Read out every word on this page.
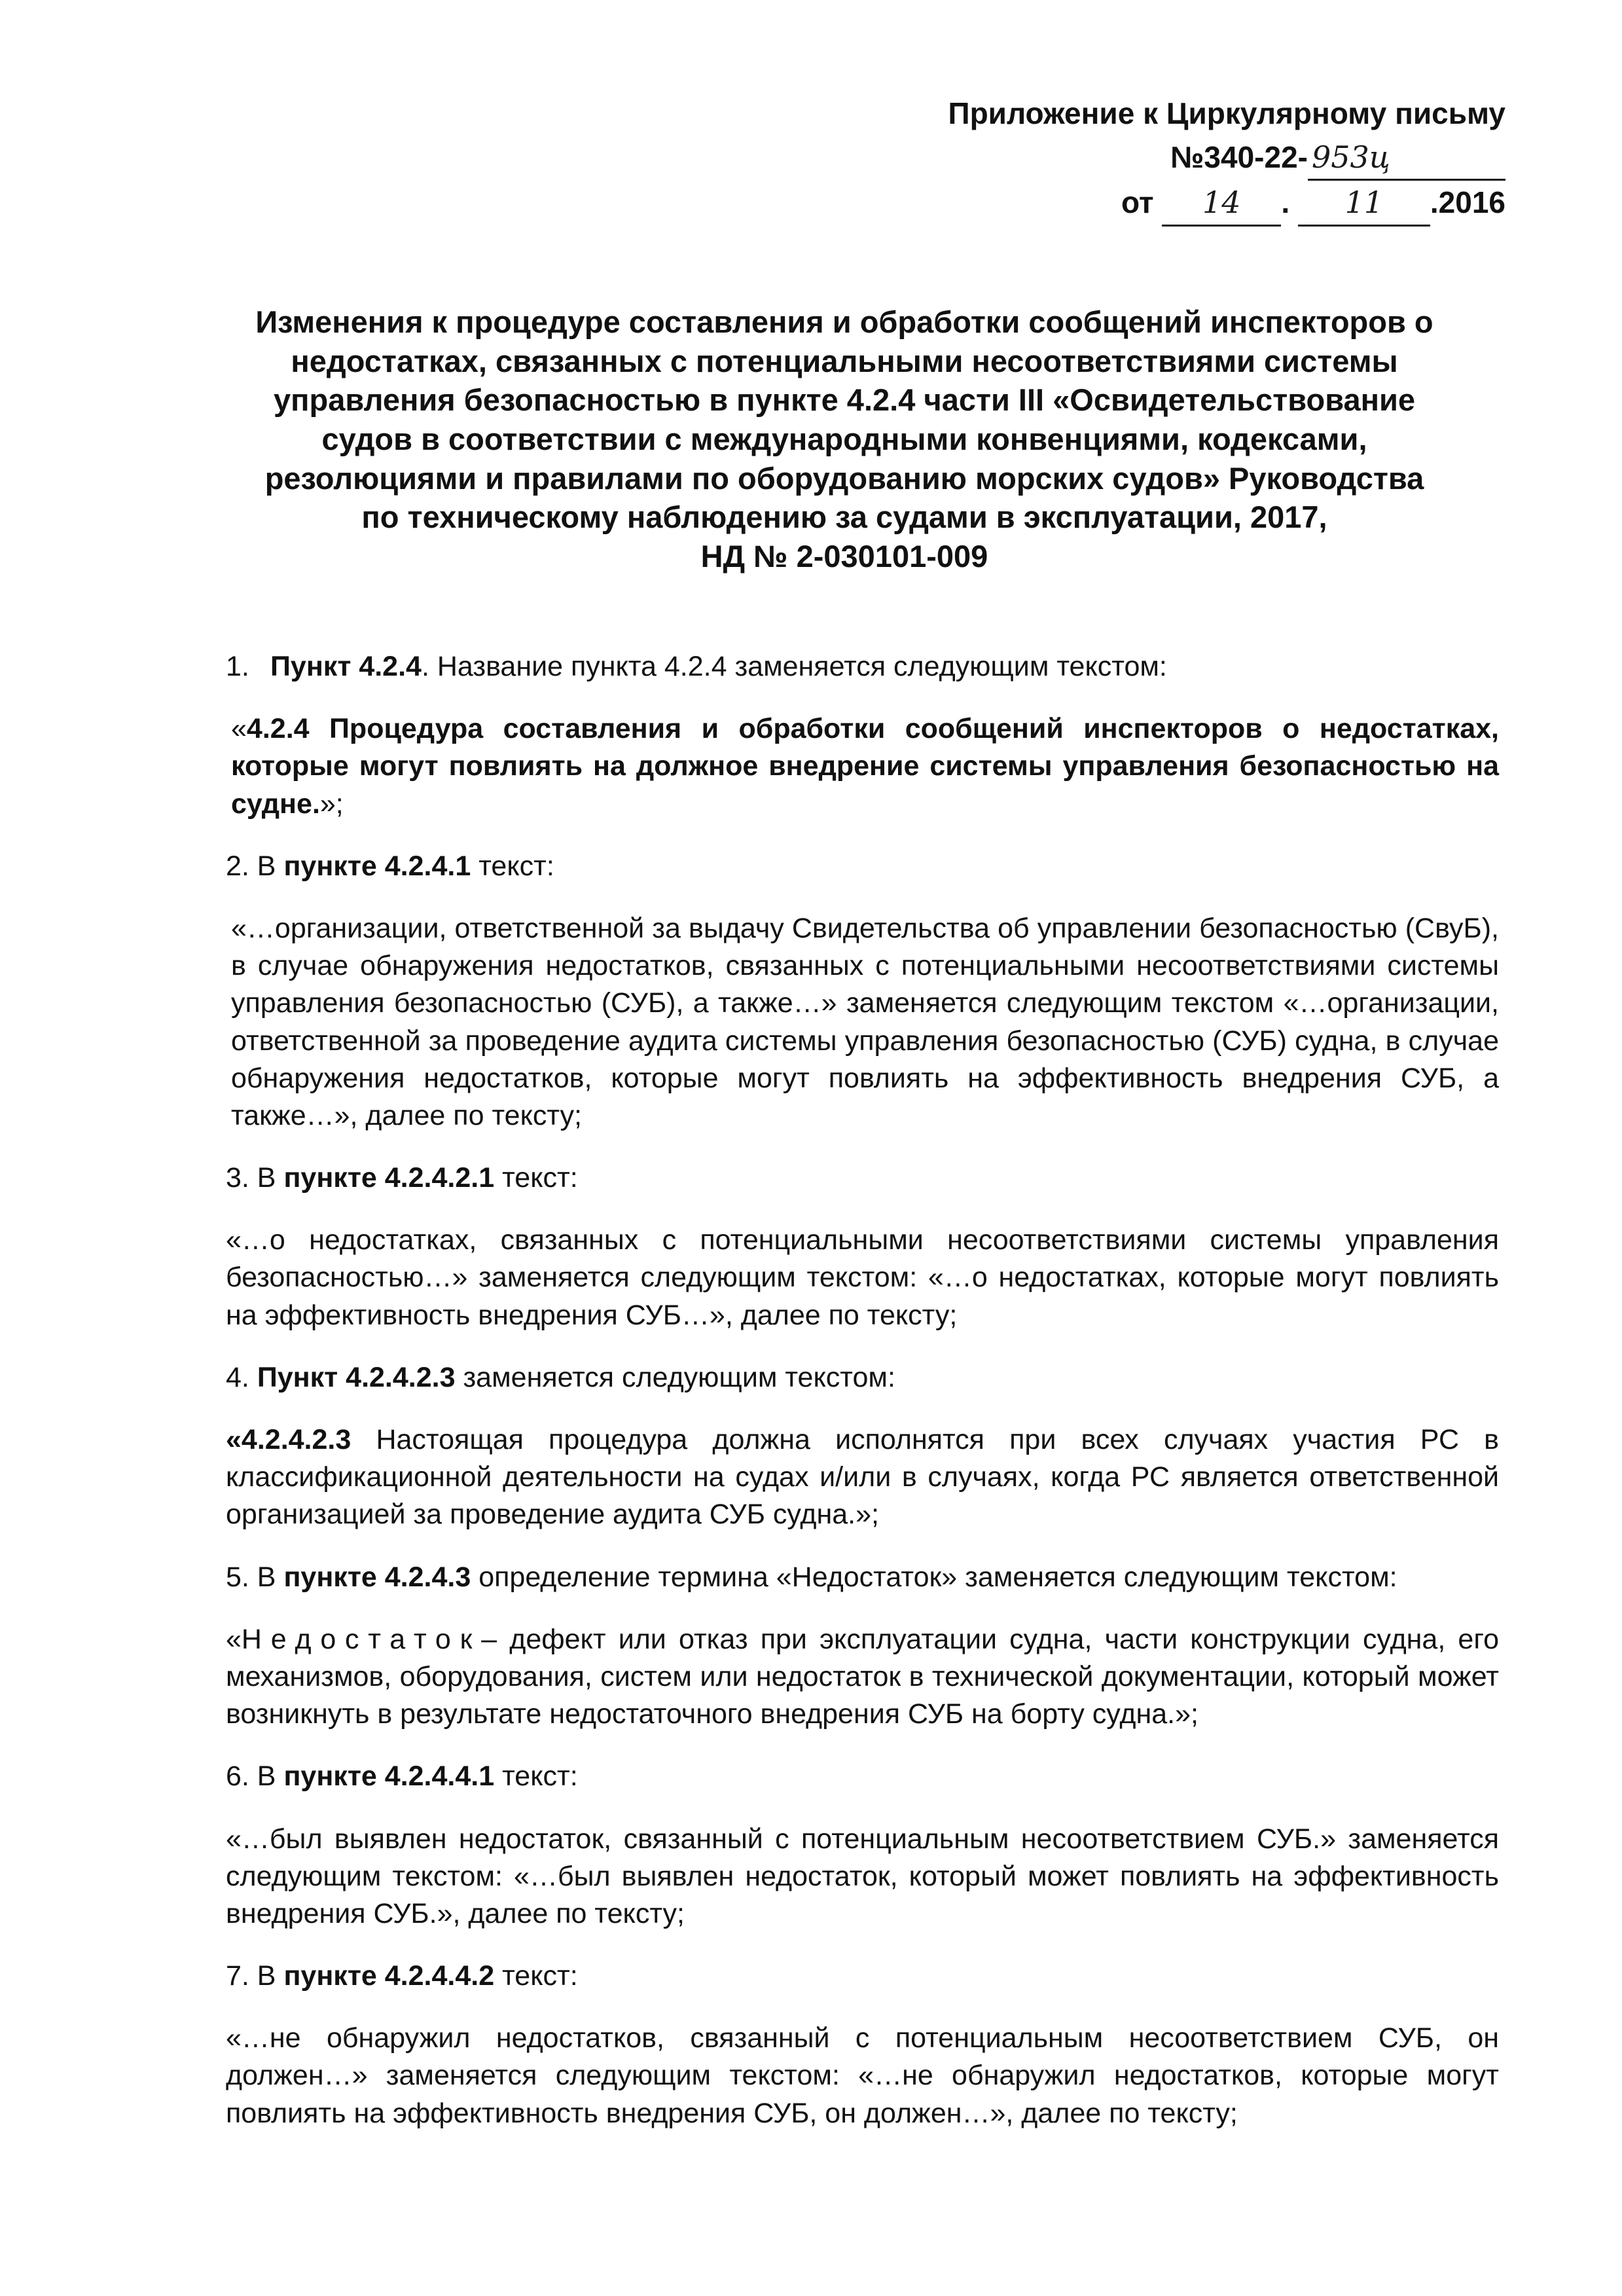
Приложение к Циркулярному письму
№340-22- 953ц
от 14 . 11 .2016
Изменения к процедуре составления и обработки сообщений инспекторов о
недостатках, связанных с потенциальными несоответствиями системы
управления безопасностью в пункте 4.2.4 части III «Освидетельствование
судов в соответствии с международными конвенциями, кодексами,
резолюциями и правилами по оборудованию морских судов» Руководства
по техническому наблюдению за судами в эксплуатации, 2017,
НД № 2-030101-009

1. Пункт 4.2.4. Название пункта 4.2.4 заменяется следующим текстом:

«4.2.4 Процедура составления и обработки сообщений инспекторов о недостатках, которые могут повлиять на должное внедрение системы управления безопасностью на судне.»;

2. В пункте 4.2.4.1 текст:

«…организации, ответственной за выдачу Свидетельства об управлении безопасностью (СвуБ), в случае обнаружения недостатков, связанных с потенциальными несоответствиями системы управления безопасностью (СУБ), а также…» заменяется следующим текстом «…организации, ответственной за проведение аудита системы управления безопасностью (СУБ) судна, в случае обнаружения недостатков, которые могут повлиять на эффективность внедрения СУБ, а также…», далее по тексту;

3. В пункте 4.2.4.2.1 текст:

«…о недостатках, связанных с потенциальными несоответствиями системы управления безопасностью…» заменяется следующим текстом: «…о недостатках, которые могут повлиять на эффективность внедрения СУБ…», далее по тексту;

4. Пункт 4.2.4.2.3 заменяется следующим текстом:

«4.2.4.2.3 Настоящая процедура должна исполнятся при всех случаях участия РС в классификационной деятельности на судах и/или в случаях, когда РС является ответственной организацией за проведение аудита СУБ судна.»;

5. В пункте 4.2.4.3 определение термина «Недостаток» заменяется следующим текстом:

«Недостаток– дефект или отказ при эксплуатации судна, части конструкции судна, его механизмов, оборудования, систем или недостаток в технической документации, который может возникнуть в результате недостаточного внедрения СУБ на борту судна.»;

6. В пункте 4.2.4.4.1 текст:

«…был выявлен недостаток, связанный с потенциальным несоответствием СУБ.» заменяется следующим текстом: «…был выявлен недостаток, который может повлиять на эффективность внедрения СУБ.», далее по тексту;

7. В пункте 4.2.4.4.2 текст:

«…не обнаружил недостатков, связанный с потенциальным несоответствием СУБ, он должен…» заменяется следующим текстом: «…не обнаружил недостатков, которые могут повлиять на эффективность внедрения СУБ, он должен…», далее по тексту;
